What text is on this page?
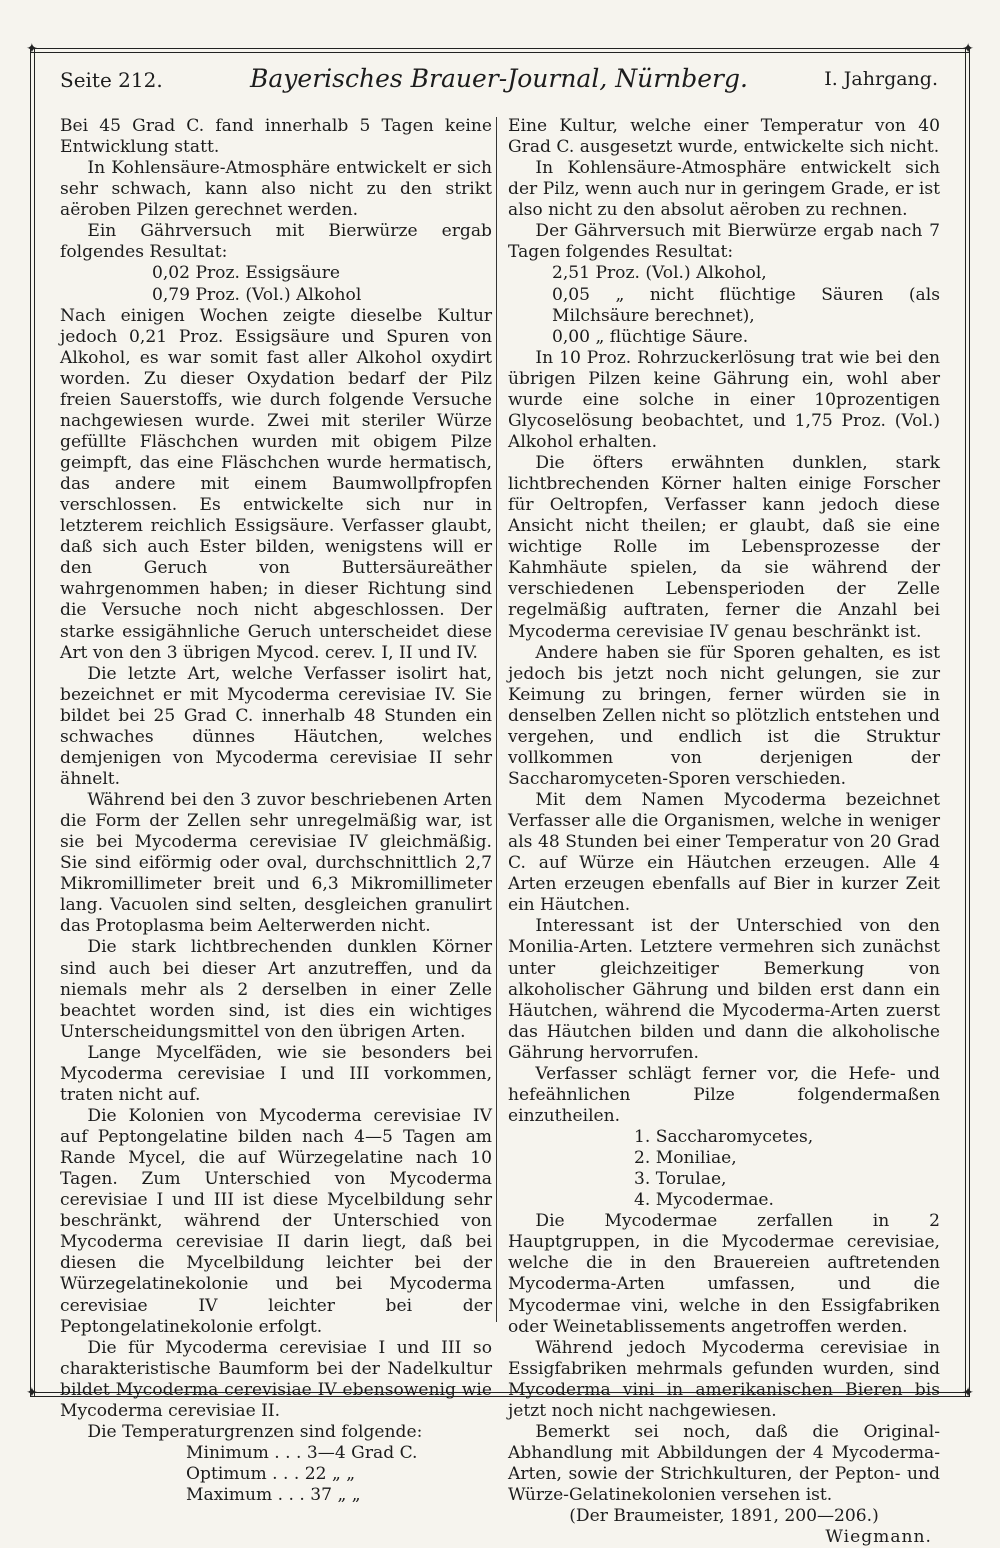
✦	✦
✦	✦
Seite 212.	Bayerisches Brauer-Journal, Nürnberg.	I. Jahrgang.

Bei 45 Grad C. fand innerhalb 5 Tagen keine Entwicklung statt.

In Kohlensäure-Atmosphäre entwickelt er sich sehr schwach, kann also nicht zu den strikt aëroben Pilzen gerechnet werden.

Ein Gährversuch mit Bierwürze ergab folgendes Resultat:

0,02 Proz. Essigsäure

0,79 Proz. (Vol.) Alkohol

Nach einigen Wochen zeigte dieselbe Kultur jedoch 0,21 Proz. Essigsäure und Spuren von Alkohol, es war somit fast aller Alkohol oxydirt worden. Zu dieser Oxydation bedarf der Pilz freien Sauerstoffs, wie durch folgende Versuche nachgewiesen wurde. Zwei mit steriler Würze gefüllte Fläschchen wurden mit obigem Pilze geimpft, das eine Fläschchen wurde hermatisch, das andere mit einem Baumwollpfropfen verschlossen. Es entwickelte sich nur in letzterem reichlich Essigsäure. Verfasser glaubt, daß sich auch Ester bilden, wenigstens will er den Geruch von Buttersäureäther wahrgenommen haben; in dieser Richtung sind die Versuche noch nicht abgeschlossen. Der starke essigähnliche Geruch unterscheidet diese Art von den 3 übrigen Mycod. cerev. I, II und IV.

Die letzte Art, welche Verfasser isolirt hat, bezeichnet er mit Mycoderma cerevisiae IV. Sie bildet bei 25 Grad C. innerhalb 48 Stunden ein schwaches dünnes Häutchen, welches demjenigen von Mycoderma cerevisiae II sehr ähnelt.

Während bei den 3 zuvor beschriebenen Arten die Form der Zellen sehr unregelmäßig war, ist sie bei Mycoderma cerevisiae IV gleichmäßig. Sie sind eiförmig oder oval, durchschnittlich 2,7 Mikromillimeter breit und 6,3 Mikromillimeter lang. Vacuolen sind selten, desgleichen granulirt das Protoplasma beim Aelterwerden nicht.

Die stark lichtbrechenden dunklen Körner sind auch bei dieser Art anzutreffen, und da niemals mehr als 2 derselben in einer Zelle beachtet worden sind, ist dies ein wichtiges Unterscheidungsmittel von den übrigen Arten.

Lange Mycelfäden, wie sie besonders bei Mycoderma cerevisiae I und III vorkommen, traten nicht auf.

Die Kolonien von Mycoderma cerevisiae IV auf Peptongelatine bilden nach 4—5 Tagen am Rande Mycel, die auf Würzegelatine nach 10 Tagen. Zum Unterschied von Mycoderma cerevisiae I und III ist diese Mycelbildung sehr beschränkt, während der Unterschied von Mycoderma cerevisiae II darin liegt, daß bei diesen die Mycelbildung leichter bei der Würzegelatinekolonie und bei Mycoderma cerevisiae IV leichter bei der Peptongelatinekolonie erfolgt.

Die für Mycoderma cerevisiae I und III so charakteristische Baumform bei der Nadelkultur bildet Mycoderma cerevisiae IV ebensowenig wie Mycoderma cerevisiae II.

Die Temperaturgrenzen sind folgende:

Minimum . . . 3—4 Grad C.

Optimum . . . 22 „ „

Maximum . . . 37 „ „

Eine Kultur, welche einer Temperatur von 40 Grad C. ausgesetzt wurde, entwickelte sich nicht.

In Kohlensäure-Atmosphäre entwickelt sich der Pilz, wenn auch nur in geringem Grade, er ist also nicht zu den absolut aëroben zu rechnen.

Der Gährversuch mit Bierwürze ergab nach 7 Tagen folgendes Resultat:

2,51 Proz. (Vol.) Alkohol,

0,05 „ nicht flüchtige Säuren (als Milchsäure berechnet),

0,00 „ flüchtige Säure.

In 10 Proz. Rohrzuckerlösung trat wie bei den übrigen Pilzen keine Gährung ein, wohl aber wurde eine solche in einer 10prozentigen Glycoselösung beobachtet, und 1,75 Proz. (Vol.) Alkohol erhalten.

Die öfters erwähnten dunklen, stark lichtbrechenden Körner halten einige Forscher für Oeltropfen, Verfasser kann jedoch diese Ansicht nicht theilen; er glaubt, daß sie eine wichtige Rolle im Lebensprozesse der Kahmhäute spielen, da sie während der verschiedenen Lebensperioden der Zelle regelmäßig auftraten, ferner die Anzahl bei Mycoderma cerevisiae IV genau beschränkt ist.

Andere haben sie für Sporen gehalten, es ist jedoch bis jetzt noch nicht gelungen, sie zur Keimung zu bringen, ferner würden sie in denselben Zellen nicht so plötzlich entstehen und vergehen, und endlich ist die Struktur vollkommen von derjenigen der Saccharomyceten-Sporen verschieden.

Mit dem Namen Mycoderma bezeichnet Verfasser alle die Organismen, welche in weniger als 48 Stunden bei einer Temperatur von 20 Grad C. auf Würze ein Häutchen erzeugen. Alle 4 Arten erzeugen ebenfalls auf Bier in kurzer Zeit ein Häutchen.

Interessant ist der Unterschied von den Monilia-Arten. Letztere vermehren sich zunächst unter gleichzeitiger Bemerkung von alkoholischer Gährung und bilden erst dann ein Häutchen, während die Mycoderma-Arten zuerst das Häutchen bilden und dann die alkoholische Gährung hervorrufen.

Verfasser schlägt ferner vor, die Hefe- und hefeähnlichen Pilze folgendermaßen einzutheilen.

1. Saccharomycetes,

2. Moniliae,

3. Torulae,

4. Mycodermae.

Die Mycodermae zerfallen in 2 Hauptgruppen, in die Mycodermae cerevisiae, welche die in den Brauereien auftretenden Mycoderma-Arten umfassen, und die Mycodermae vini, welche in den Essigfabriken oder Weinetablissements angetroffen werden.

Während jedoch Mycoderma cerevisiae in Essigfabriken mehrmals gefunden wurden, sind Mycoderma vini in amerikanischen Bieren bis jetzt noch nicht nachgewiesen.

Bemerkt sei noch, daß die Original-Abhandlung mit Abbildungen der 4 Mycoderma-Arten, sowie der Strichkulturen, der Pepton- und Würze-Gelatinekolonien versehen ist.

(Der Braumeister, 1891, 200—206.)

Wiegmann.
